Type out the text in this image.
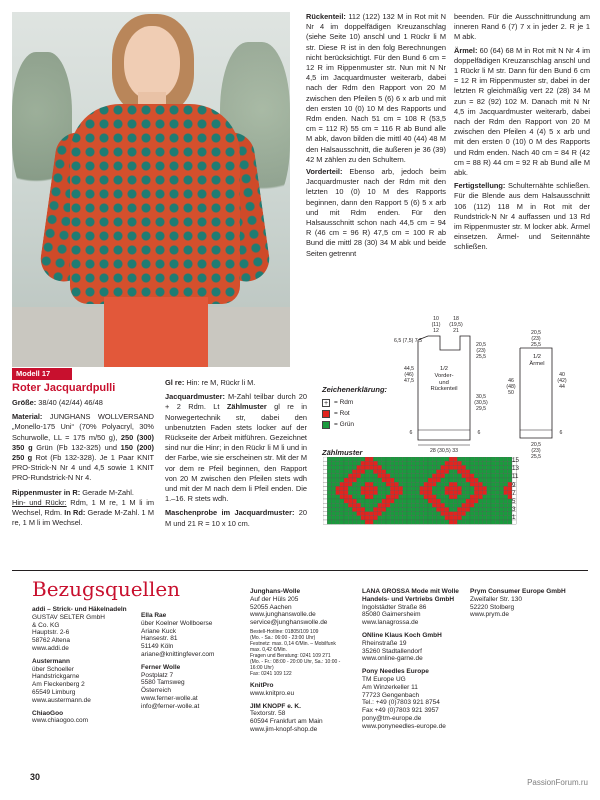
Rückenteil: 112 (122) 132 M in Rot mit N Nr 4 im doppelfädigen Kreuzanschlag (siehe Seite 10) anschl und 1 Rückr li M str. Diese R ist in den folg Berechnungen nicht berücksichtigt. Für den Bund 6 cm = 12 R im Rippenmuster str. Nun mit N Nr 4,5 im Jacquardmuster weiterarb, dabei nach der Rdm den Rapport von 20 M zwischen den Pfeilen 5 (6) 6 x arb und mit den ersten 10 (0) 10 M des Rapports und Rdm enden. Nach 51 cm = 108 R (53,5 cm = 112 R) 55 cm = 116 R ab Bund alle M abk, davon bilden die mittl 40 (44) 48 M den Halsausschnitt, die äußeren je 36 (39) 42 M zählen zu den Schultern.

Vorderteil: Ebenso arb, jedoch beim Jacquardmuster nach der Rdm mit den letzten 10 (0) 10 M des Rapports beginnen, dann den Rapport 5 (6) 5 x arb und mit Rdm enden. Für den Halsausschnitt schon nach 44,5 cm = 94 R (46 cm = 96 R) 47,5 cm = 100 R ab Bund die mittl 28 (30) 34 M abk und beide Seiten getrennt

beenden. Für die Ausschnittrundung am inneren Rand 6 (7) 7 x in jeder 2. R je 1 M abk.

Ärmel: 60 (64) 68 M in Rot mit N Nr 4 im doppelfädigen Kreuzanschlag anschl und 1 Rückr li M str. Dann für den Bund 6 cm = 12 R im Rippenmuster str, dabei in der letzten R gleichmäßig vert 22 (28) 34 M zun = 82 (92) 102 M. Danach mit N Nr 4,5 im Jacquardmuster weiterarb, dabei nach der Rdm den Rapport von 20 M zwischen den Pfeilen 4 (4) 5 x arb und mit den ersten 0 (10) 0 M des Rapports und Rdm enden. Nach 40 cm = 84 R (42 cm = 88 R) 44 cm = 92 R ab Bund alle M abk.

Fertigstellung: Schulternähte schließen. Für die Blende aus dem Halsausschnitt 106 (112) 118 M in Rot mit der Rundstrick-N Nr 4 auffassen und 13 Rd im Rippenmuster str. M locker abk. Ärmel einsetzen. Ärmel- und Seitennähte schließen.

Modell 17
Roter Jacquardpulli

Größe: 38/40 (42/44) 46/48

Material: JUNGHANS WOLLVERSAND „Monello-175 Uni“ (70% Polyacryl, 30% Schurwolle, LL = 175 m/50 g), 250 (300) 350 g Grün (Fb 132-325) und 150 (200) 250 g Rot (Fb 132-328). Je 1 Paar KNIT PRO-Strick-N Nr 4 und 4,5 sowie 1 KNIT PRO-Rundstrick-N Nr 4.

Rippenmuster in R: Gerade M-Zahl.
Hin- und Rückr: Rdm, 1 M re, 1 M li im Wechsel, Rdm. In Rd: Gerade M-Zahl. 1 M re, 1 M li im Wechsel.

Gl re: Hin: re M, Rückr li M.

Jacquardmuster: M-Zahl teilbar durch 20 + 2 Rdm. Lt Zählmuster gl re in Norwegertechnik str, dabei den unbenutzten Faden stets locker auf der Rückseite der Arbeit mitführen. Gezeichnet sind nur die Hinr; in den Rückr li M li und in der Farbe, wie sie erscheinen str. Mit der M vor dem re Pfeil beginnen, den Rapport von 20 M zwischen den Pfeilen stets wdh und mit der M nach dem li Pfeil enden. Die 1.–16. R stets wdh.

Maschenprobe im Jacquardmuster: 20 M und 21 R = 10 x 10 cm.

10
(11)
12
18
(19,5)
21
6,5 (7,5) 7,5
20,5
(23)
25,5
44,5
(46)
47,5
1/2
Vorder-
und
Rückenteil
30,5
(30,5)
29,5
6	6
28 (30,5) 33
20,5
(23)
25,5
1/2
Ärmel
46
(48)
50
40
(42)
44
6
20,5
(23)
25,5
Zeichenerklärung:
+ = Rdm
= Rot
= Grün
Zählmuster
15
13
11
9
7
5
3
1
Bezugsquellen
addi – Strick- und Häkelnadeln
GUSTAV SELTER GmbH
& Co. KG
Hauptstr. 2-6
58762 Altena
www.addi.de
Austermann
über Schoeller
Handstrickgarne
Am Fleckenberg 2
65549 Limburg
www.austermann.de
ChiaoGoo
www.chiaogoo.com
Ella Rae
über Koelner Wollboerse
Ariane Kuck
Hansestr. 81
51149 Köln
ariane@knittingfever.com
Ferner Wolle
Postplatz 7
5580 Tamsweg
Österreich
www.ferner-wolle.at
info@ferner-wolle.at
Junghans-Wolle
Auf der Hüls 205
52055 Aachen
www.junghanswolle.de
service@junghanswolle.de
Bestell-Hotline: 01805/109 109
(Mo. - Sa.: 06:00 - 23:00 Uhr)
Festnetz: max. 0,14 €/Min. – Mobilfunk
max. 0,42 €/Min.
Fragen und Beratung: 0241 109 271
(Mo. - Fr.: 08:00 - 20:00 Uhr, Sa.: 10:00 -
16:00 Uhr)
Fax: 0241 109 122
KnitPro
www.knitpro.eu
JIM KNOPF e. K.
Textorstr. 58
60594 Frankfurt am Main
www.jim-knopf-shop.de
LANA GROSSA Mode mit Wolle Handels- und Vertriebs GmbH
Ingolstädter Straße 86
85080 Gaimersheim
www.lanagrossa.de
ONline Klaus Koch GmbH
Rheinstraße 19
35260 Stadtallendorf
www.online-garne.de
Pony Needles Europe
TM Europe UG
Am Winzerkeller 11
77723 Gengenbach
Tel.: +49 (0)7803 921 8754
Fax +49 (0)7803 921 3957
pony@tm-europe.de
www.ponyneedles-europe.de
Prym Consumer Europe GmbH
Zweifaller Str. 130
52220 Stolberg
www.prym.de
30
PassionForum.ru
